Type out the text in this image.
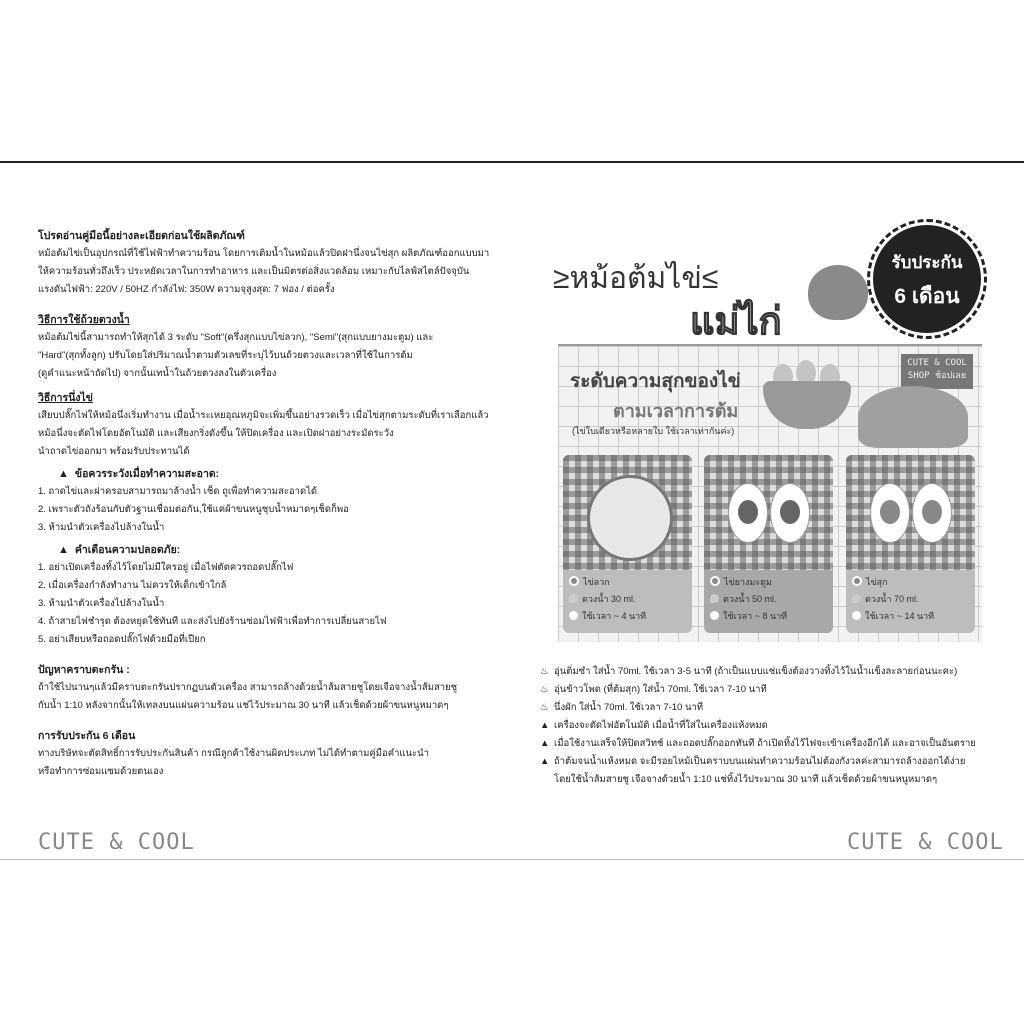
โปรดอ่านคู่มือนี้อย่างละเอียดก่อนใช้ผลิตภัณฑ์
หม้อต้มไข่เป็นอุปกรณ์ที่ใช้ไฟฟ้าทำความร้อน โดยการเติมน้ำในหม้อแล้วปิดฝานึ่งจนไข่สุก ผลิตภัณฑ์ออกแบบมา
ให้ความร้อนทั่วถึงเร็ว ประหยัดเวลาในการทำอาหาร และเป็นมิตรต่อสิ่งแวดล้อม เหมาะกับไลฟ์สไตล์ปัจจุบัน
แรงดันไฟฟ้า: 220V / 50HZ กำลังไฟ: 350W ความจุสูงสุด: 7 ฟอง / ต่อครั้ง
วิธีการใช้ถ้วยตวงน้ำ
หม้อต้มไข่นี้สามารถทำให้สุกได้ 3 ระดับ "Soft"(ครึ่งสุกแบบไข่ลวก), "Semi"(สุกแบบยางมะตูม) และ
"Hard"(สุกทั้งลูก) ปรับโดยใส่ปริมาณน้ำตามตัวเลขที่ระบุไว้บนถ้วยตวงและเวลาที่ใช้ในการต้ม
(ดูคำแนะหน้าถัดไป) จากนั้นเทน้ำในถ้วยตวงลงในตัวเครื่อง
วิธีการนึ่งไข่
เสียบปลั๊กไฟให้หม้อนึ่งเริ่มทำงาน เมื่อน้ำระเหยอุณหภูมิจะเพิ่มขึ้นอย่างรวดเร็ว เมื่อไข่สุกตามระดับที่เราเลือกแล้ว
หม้อนึ่งจะตัดไฟโดยอัตโนมัติ และเสียงกริ่งดังขึ้น ให้ปิดเครื่อง และเปิดฝาอย่างระมัดระวัง
นำถาดไข่ออกมา พร้อมรับประทานได้
▲ ข้อควรระวังเมื่อทำความสะอาด:
1. ถาดไข่และฝาครอบสามารถมาล้างน้ำ เช็ด ถูเพื่อทำความสะอาดได้
2. เพราะตัวถังร้อนกับตัวฐานเชื่อมต่อกัน,ใช้แค่ผ้าขนหนูชุบน้ำหมาดๆเช็ดก็พอ
3. ห้ามนำตัวเครื่องไปล้างในน้ำ
▲ คำเตือนความปลอดภัย:
1. อย่าเปิดเครื่องทิ้งไว้โดยไม่มีใครอยู่ เมื่อไฟตัดควรถอดปลั๊กไฟ
2. เมื่อเครื่องกำลังทำงาน ไม่ควรให้เด็กเข้าใกล้
3. ห้ามนำตัวเครื่องไปล้างในน้ำ
4. ถ้าสายไฟชำรุด ต้องหยุดใช้ทันที และส่งไปยังร้านซ่อมไฟฟ้าเพื่อทำการเปลี่ยนสายไฟ
5. อย่าเสียบหรือถอดปลั๊กไฟด้วยมือที่เปียก
ปัญหาคราบตะกรัน :
ถ้าใช้ไปนานๆแล้วมีคราบตะกรันปรากฏบนตัวเครื่อง สามารถล้างด้วยน้ำส้มสายชูโดยเจือจางน้ำส้มสายชู
กับน้ำ 1:10 หลังจากนั้นให้เทลงบนแผ่นความร้อน แช่ไว้ประมาณ 30 นาที แล้วเช็ดด้วยผ้าขนหนูหมาดๆ
การรับประกัน 6 เดือน
ทางบริษัทจะตัดสิทธิ์การรับประกันสินค้า กรณีลูกค้าใช้งานผิดประเภท ไม่ได้ทำตามคู่มือคำแนะนำ
หรือทำการซ่อมแซมด้วยตนเอง
≥หม้อต้มไข่≤
แม่ไก่
รับประกัน
6 เดือน
ระดับความสุกของไข่
ตามเวลาการต้ม
(ไข่ใบเดียวหรือหลายใบ ใช้เวลาเท่ากันค่ะ)
CUTE & COOL
SHOP ช้อปเลย
ไข่ลวก
ตวงน้ำ 30 ml.
ใช้เวลา ~ 4 นาที
ไข่ยางมะตูม
ตวงน้ำ 50 ml.
ใช้เวลา ~ 8 นาที
ไข่สุก
ตวงน้ำ 70 ml.
ใช้เวลา ~ 14 นาที
♨ อุ่นติ่มซำ ใส่น้ำ 70ml. ใช้เวลา 3-5 นาที (ถ้าเป็นแบบแช่แข็งต้องวางทิ้งไว้ในน้ำแข็งละลายก่อนนะคะ)
♨ อุ่นข้าวโพด (ที่ต้มสุก) ใส่น้ำ 70ml. ใช้เวลา 7-10 นาที
♨ นึ่งผัก ใส่น้ำ 70ml. ใช้เวลา 7-10 นาที
▲ เครื่องจะตัดไฟอัตโนมัติ เมื่อน้ำที่ใส่ในเครื่องแห้งหมด
▲ เมื่อใช้งานเสร็จให้ปิดสวิทช์ และถอดปลั๊กออกทันที ถ้าเปิดทิ้งไว้ไฟจะเข้าเครื่องอีกได้ และอาจเป็นอันตราย
▲ ถ้าต้มจนน้ำแห้งหมด จะมีรอยไหม้เป็นคราบบนแผ่นทำความร้อนไม่ต้องกังวลค่ะสามารถล้างออกได้ง่าย
โดยใช้น้ำส้มสายชู เจือจางด้วยน้ำ 1:10 แช่ทิ้งไว้ประมาณ 30 นาที แล้วเช็ดด้วยผ้าขนหนูหมาดๆ
CUTE & COOL	CUTE & COOL
